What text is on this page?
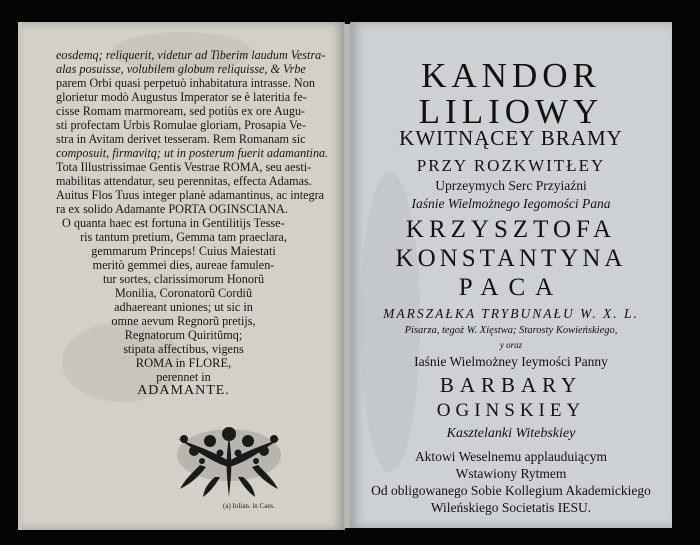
eosdemq; reliquerit, videtur ad Tiberim laudum Vestra-
alas posuisse, volubilem globum reliquisse, & Vrbe
parem Orbi quasi perpetuò inhabitatura intrasse. Non
glorietur modò Augustus Imperator se è lateritia fe-
cisse Romam marmoream, sed potiùs ex ore Augu-
sti profectam Urbis Romulae gloriam, Prosapia Ve-
stra in Avitam derivet tesseram. Rem Romanam sic
composuit, firmavitq; ut in posterum fuerit adamantina.
Tota Illustrissimae Gentis Vestrae ROMA, seu aesti-
mabilitas attendatur, seu perennitas, effecta Adamas.
Auitus Flos Tuus integer planè adamantinus, ac integra
ra ex solido Adamante PORTA OGINSCIANA.
O quanta haec est fortuna in Gentilitijs Tesse-
ris tantum pretium, Gemma tam praeclara,
gemmarum Princeps! Cuius Maiestati
meritò gemmei dies, aureae famulen-
tur sortes, clarissimorum Honorũ
Monilia, Coronatorũ Cordiũ
adhaereant uniones; ut sic in
omne aevum Regnorũ pretijs,
Regnatorum Quiritũmq;
stipata affectibus, vigens
(a) Iulian. in Caes.
perennet in
ADAMANTE.
ROMA in FLORE,
KANDOR
LILIOWY
KWITNĄCEY BRAMY
PRZY ROZKWITŁEY
Uprzeymych Serc Przyiaźni
Iaśnie Wielmożnego Iegomości Pana
KRZYSZTOFA
KONSTANTYNA
PACA
MARSZAŁKA TRYBUNAŁU W. X. L.
Pisarza, tegoż W. Xięstwa; Starosty Kowieńskiego,
y oraz
Iaśnie Wielmożney Ieymości Panny
BARBARY
OGINSKIEY
Kasztelanki Witebskiey
Aktowi Weselnemu applauduiącym
Wstawiony Rytmem
Od obligowanego Sobie Kollegium Akademickiego
Wileńskiego Societatis IESU.
